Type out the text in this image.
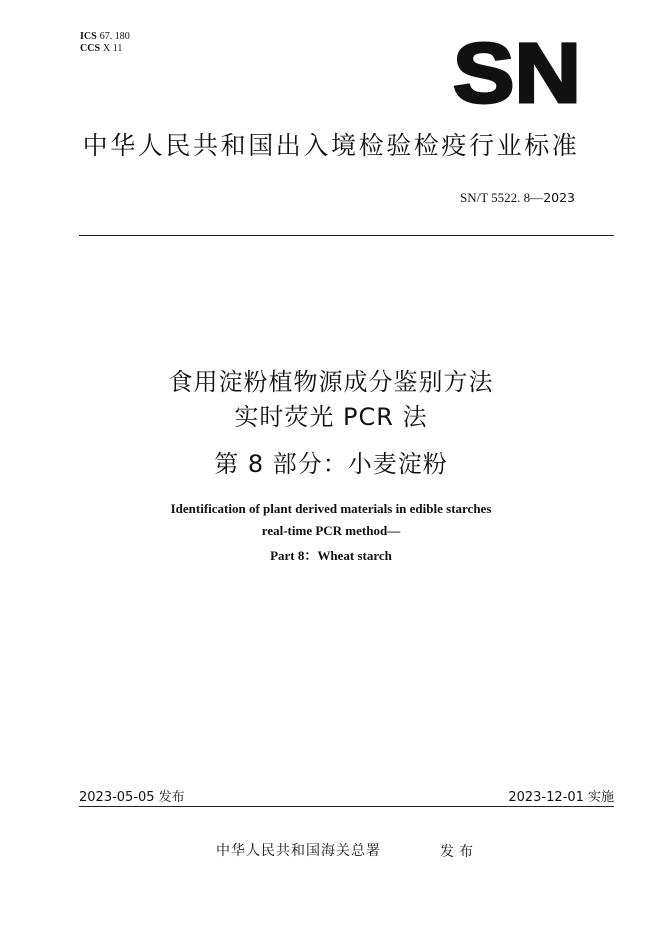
ICS 67. 180
CCS X 11	SN
中华人民共和国出入境检验检疫行业标准
SN/T 5522. 8—2023
食用淀粉植物源成分鉴别方法
实时荧光 PCR 法
第 8 部分：小麦淀粉
Identification of plant derived materials in edible starches
real-time PCR method—
Part 8：Wheat starch
2023-05-05 发布	2023-12-01 实施
中华人民共和国海关总署	发布
